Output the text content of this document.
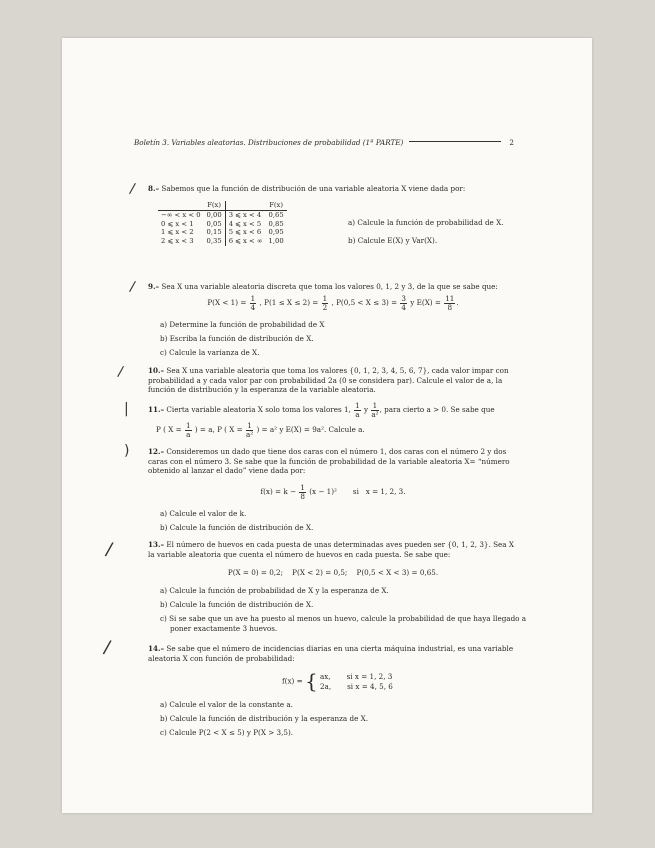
Boletín 3. Variables aleatorias. Distribuciones de probabilidad (1ª PARTE)	2
/
/
/
|
)
/
/
8.– Sabemos que la función de distribución de una variable aleatoria X viene dada por:
	F(x)		F(x)
−∞ < x < 0	0,00	3 ⩽ x < 4	0,65
0 ⩽ x < 1	0,05	4 ⩽ x < 5	0,85
1 ⩽ x < 2	0,15	5 ⩽ x < 6	0,95
2 ⩽ x < 3	0,35	6 ⩽ x < ∞	1,00
a) Calcule la función de probabilidad de X.
b) Calcule E(X) y Var(X).
9.– Sea X una variable aleatoria discreta que toma los valores 0, 1, 2 y 3, de la que se sabe que:
$P(X < 1) = \frac{1}{4}$ , $P(1 \le X \le 2) = \frac{1}{2}$ , $P(0,5 < X \le 3) = \frac{3}{4}$ y $E(X) = \frac{11}{8}$ .
a) Determine la función de probabilidad de X
b) Escriba la función de distribución de X.
c) Calcule la varianza de X.
10.– Sea X una variable aleatoria que toma los valores {0, 1, 2, 3, 4, 5, 6, 7}, cada valor impar con probabilidad a y cada valor par con probabilidad 2a (0 se considera par). Calcule el valor de a, la función de distribución y la esperanza de la variable aleatoria.
11.– Cierta variable aleatoria X solo toma los valores 1, $\frac{1}{a}$ y $\frac{1}{\text{a²}}$ , para cierto a > 0. Se sabe que
P ( $X = \frac{1}{a}$ ) = a, P ( $X = \frac{1}{\text{a²}}$ ) = a² y E(X) = 9a². Calcule a.
12.– Consideremos un dado que tiene dos caras con el número 1, dos caras con el número 2 y dos caras con el número 3. Se sabe que la función de probabilidad de la variable aleatoria X= “número obtenido al lanzar el dado” viene dada por:
$f(x) = k - \frac{1}{8} (x - 1)^2$       si   x = 1, 2, 3.
a) Calcule el valor de k.
b) Calcule la función de distribución de X.
13.– El número de huevos en cada puesta de unas determinadas aves pueden ser {0, 1, 2, 3}. Sea X la variable aleatoria que cuenta el número de huevos en cada puesta. Se sabe que:
P(X = 0) = 0,2;    P(X < 2) = 0,5;    P(0,5 < X < 3) = 0,65.
a) Calcule la función de probabilidad de X y la esperanza de X.
b) Calcule la función de distribución de X.
c) Si se sabe que un ave ha puesto al menos un huevo, calcule la probabilidad de que haya llegado a poner exactamente 3 huevos.
14.– Se sabe que el número de incidencias diarias en una cierta máquina industrial, es una variable aleatoria X con función de probabilidad:
f(x) = { ax,       si x = 1, 2, 3
2a,       si x = 4, 5, 6
a) Calcule el valor de la constante a.
b) Calcule la función de distribución y la esperanza de X.
c) Calcule P(2 < X ≤ 5) y P(X > 3,5).
